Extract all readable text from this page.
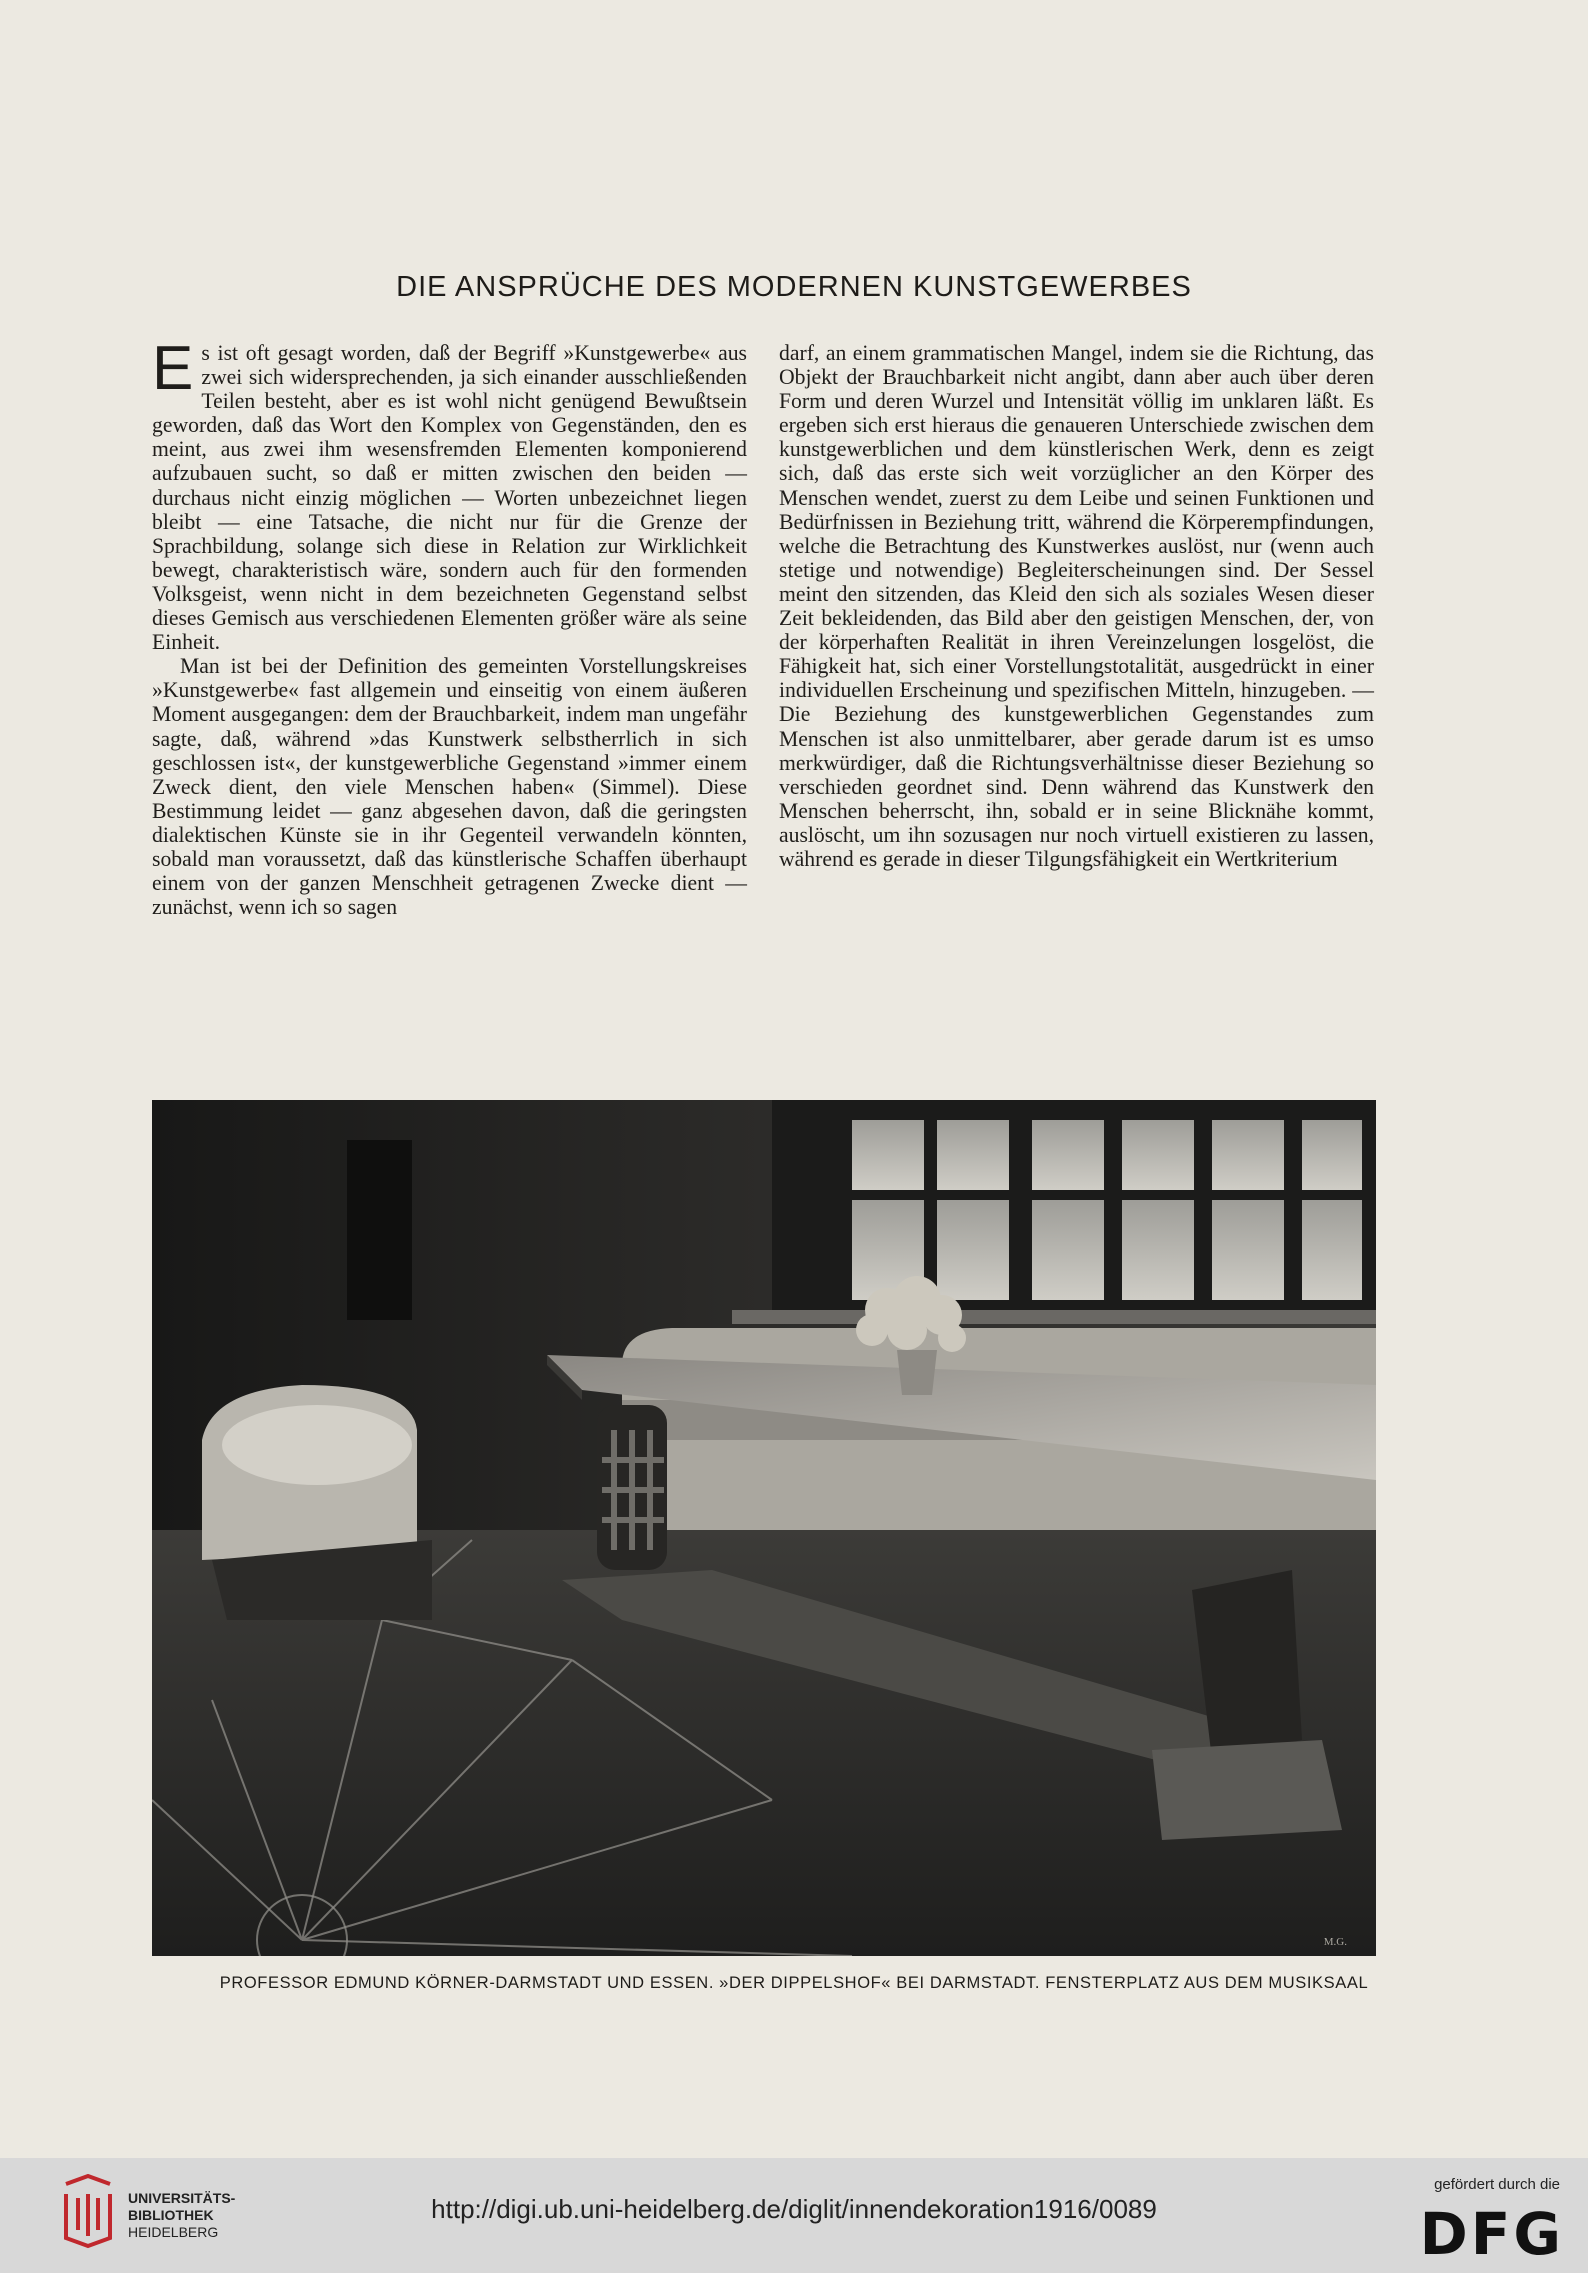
DIE ANSPRÜCHE DES MODERNEN KUNSTGEWERBES

Es ist oft gesagt worden, daß der Begriff »Kunstgewerbe« aus zwei sich widersprechenden, ja sich einander ausschließenden Teilen besteht, aber es ist wohl nicht genügend Bewußtsein geworden, daß das Wort den Komplex von Gegenständen, den es meint, aus zwei ihm wesensfremden Elementen komponierend aufzubauen sucht, so daß er mitten zwischen den beiden — durchaus nicht einzig möglichen — Worten unbezeichnet liegen bleibt — eine Tatsache, die nicht nur für die Grenze der Sprachbildung, solange sich diese in Relation zur Wirklichkeit bewegt, charakteristisch wäre, sondern auch für den formenden Volksgeist, wenn nicht in dem bezeichneten Gegenstand selbst dieses Gemisch aus verschiedenen Elementen größer wäre als seine Einheit.

Man ist bei der Definition des gemeinten Vorstellungskreises »Kunstgewerbe« fast allgemein und einseitig von einem äußeren Moment ausgegangen: dem der Brauchbarkeit, indem man ungefähr sagte, daß, während »das Kunstwerk selbstherrlich in sich geschlossen ist«, der kunstgewerbliche Gegenstand »immer einem Zweck dient, den viele Menschen haben« (Simmel). Diese Bestimmung leidet — ganz abgesehen davon, daß die geringsten dialektischen Künste sie in ihr Gegenteil verwandeln könnten, sobald man voraussetzt, daß das künstlerische Schaffen überhaupt einem von der ganzen Menschheit getragenen Zwecke dient — zunächst, wenn ich so sagen

darf, an einem grammatischen Mangel, indem sie die Richtung, das Objekt der Brauchbarkeit nicht angibt, dann aber auch über deren Form und deren Wurzel und Intensität völlig im unklaren läßt. Es ergeben sich erst hieraus die genaueren Unterschiede zwischen dem kunstgewerblichen und dem künstlerischen Werk, denn es zeigt sich, daß das erste sich weit vorzüglicher an den Körper des Menschen wendet, zuerst zu dem Leibe und seinen Funktionen und Bedürfnissen in Beziehung tritt, während die Körperempfindungen, welche die Betrachtung des Kunstwerkes auslöst, nur (wenn auch stetige und notwendige) Begleiterscheinungen sind. Der Sessel meint den sitzenden, das Kleid den sich als soziales Wesen dieser Zeit bekleidenden, das Bild aber den geistigen Menschen, der, von der körperhaften Realität in ihren Vereinzelungen losgelöst, die Fähigkeit hat, sich einer Vorstellungstotalität, ausgedrückt in einer individuellen Erscheinung und spezifischen Mitteln, hinzugeben. — Die Beziehung des kunstgewerblichen Gegenstandes zum Menschen ist also unmittelbarer, aber gerade darum ist es umso merkwürdiger, daß die Richtungsverhältnisse dieser Beziehung so verschieden geordnet sind. Denn während das Kunstwerk den Menschen beherrscht, ihn, sobald er in seine Blicknähe kommt, auslöscht, um ihn sozusagen nur noch virtuell existieren zu lassen, während es gerade in dieser Tilgungsfähigkeit ein Wertkriterium

M.G.
PROFESSOR EDMUND KÖRNER-DARMSTADT UND ESSEN. »DER DIPPELSHOF« BEI DARMSTADT. FENSTERPLATZ AUS DEM MUSIKSAAL
UNIVERSITÄTS-
BIBLIOTHEK
HEIDELBERG
http://digi.ub.uni-heidelberg.de/diglit/innendekoration1916/0089
gefördert durch die
DFG
